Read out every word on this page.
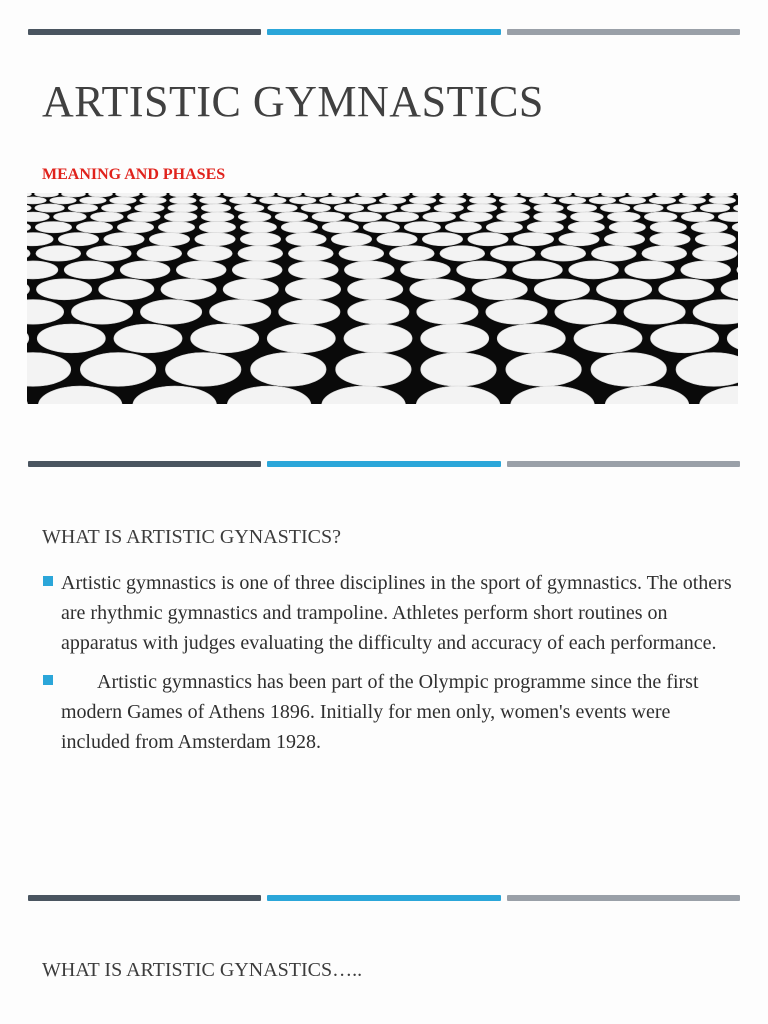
ARTISTIC GYMNASTICS
MEANING AND PHASES
WHAT IS ARTISTIC GYNASTICS?
Artistic gymnastics is one of three disciplines in the sport of gymnastics. The others are rhythmic gymnastics and trampoline. Athletes perform short routines on apparatus with judges evaluating the difficulty and accuracy of each performance.
Artistic gymnastics has been part of the Olympic programme since the first modern Games of Athens 1896. Initially for men only, women's events were included from Amsterdam 1928.
WHAT IS ARTISTIC GYNASTICS…..
